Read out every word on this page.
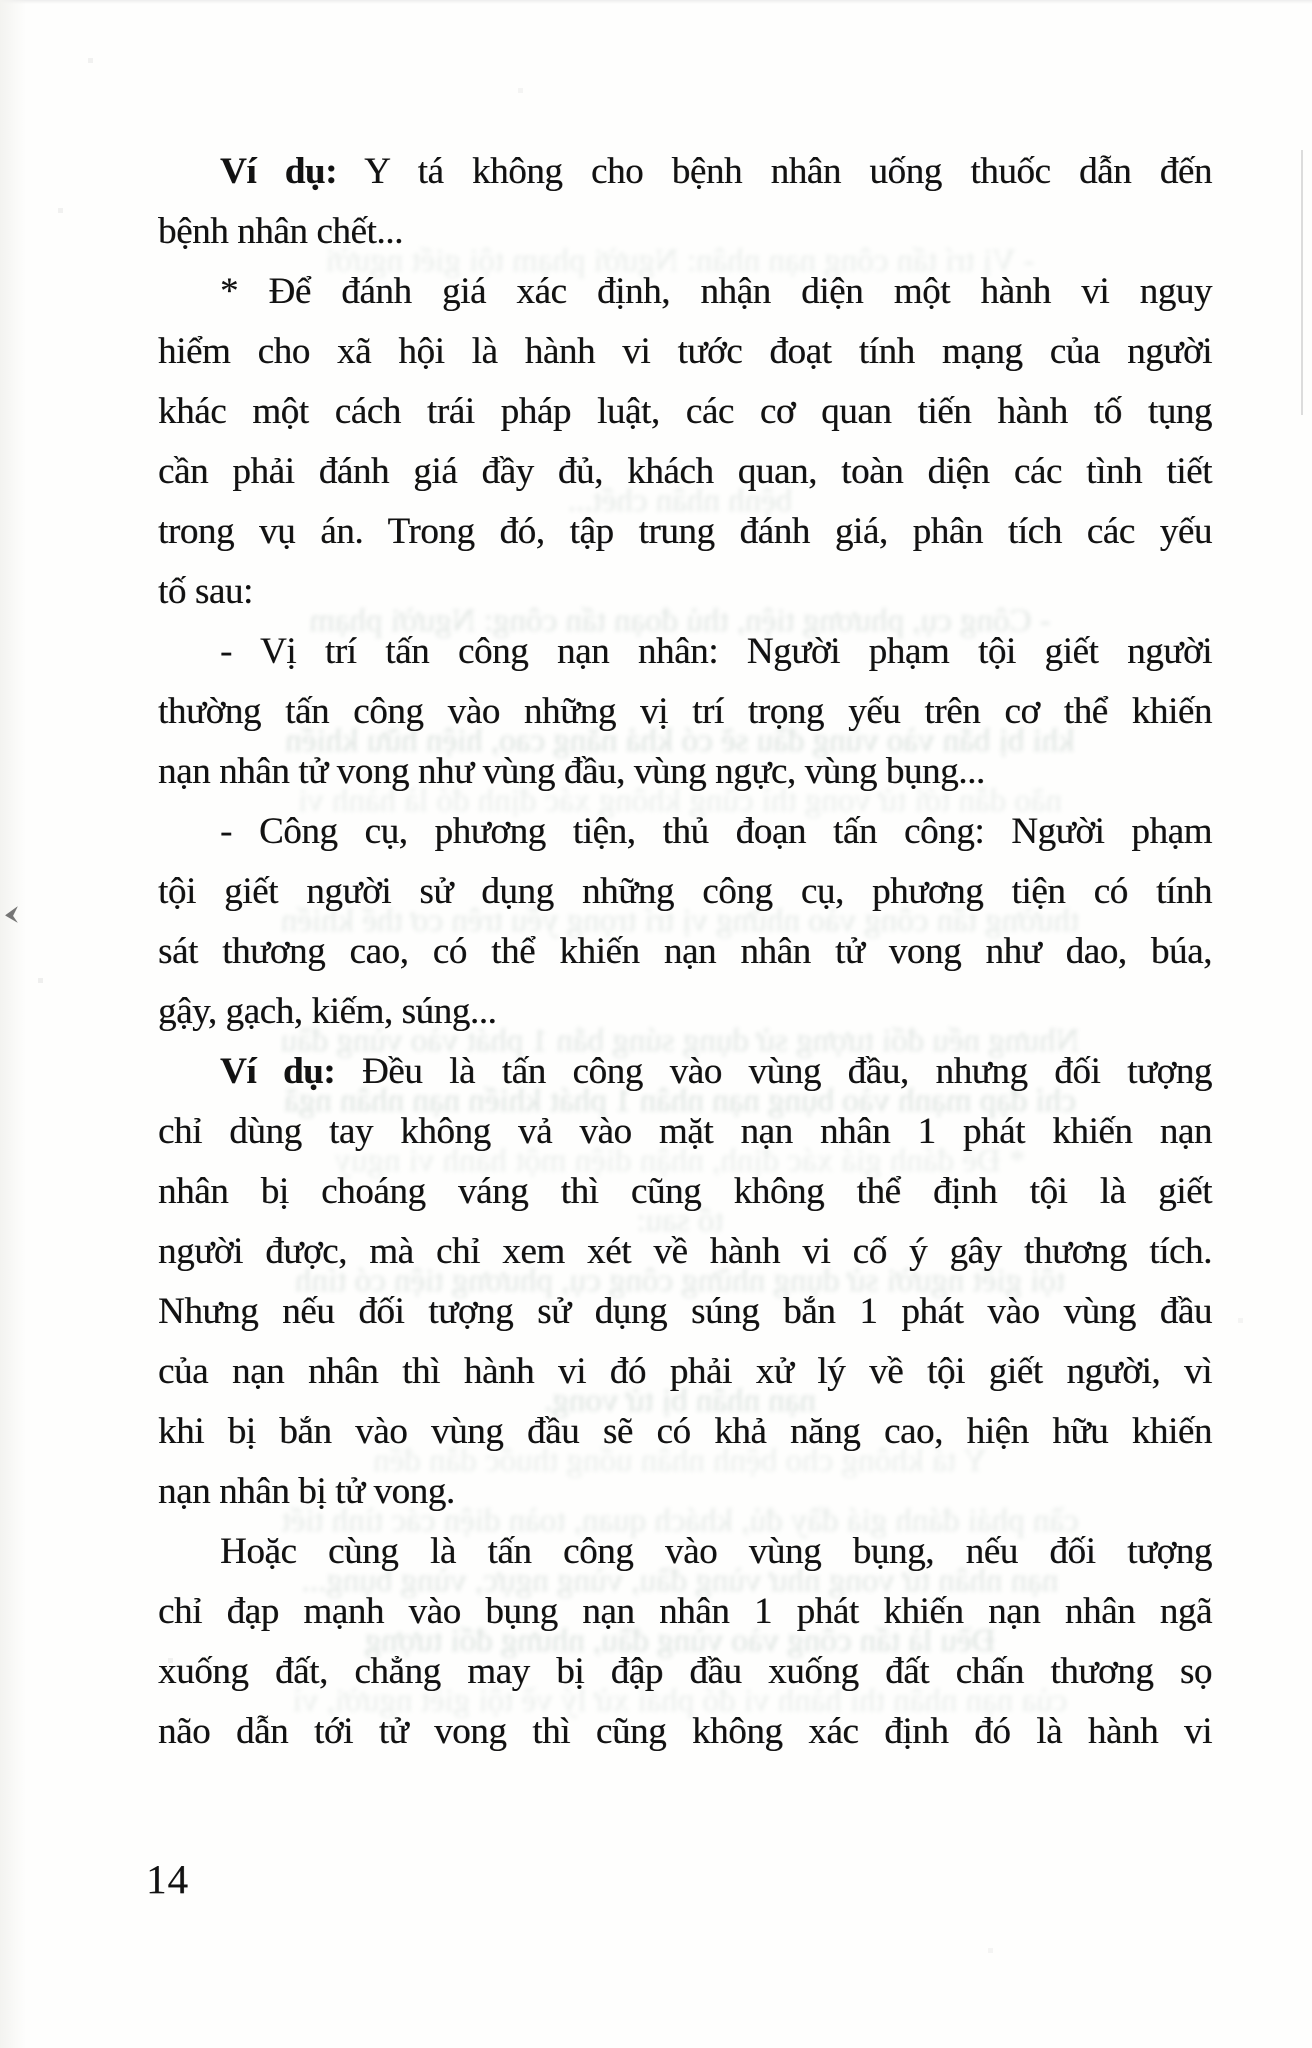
- Vị trí tấn công nạn nhân: Người phạm tội giết người
bệnh nhân chết...
- Công cụ, phương tiện, thủ đoạn tấn công: Người phạm
khi bị bắn vào vùng đầu sẽ có khả năng cao, hiện hữu khiến
não dẫn tới tử vong thì cũng không xác định đó là hành vi
thường tấn công vào những vị trí trọng yếu trên cơ thể khiến
Nhưng nếu đối tượng sử dụng súng bắn 1 phát vào vùng đầu
chỉ đạp mạnh vào bụng nạn nhân 1 phát khiến nạn nhân ngã
* Để đánh giá xác định, nhận diện một hành vi nguy
tố sau:
tội giết người sử dụng những công cụ, phương tiện có tính
nạn nhân bị tử vong.
Y tá không cho bệnh nhân uống thuốc dẫn đến
cần phải đánh giá đầy đủ, khách quan, toàn diện các tình tiết
nạn nhân tử vong như vùng đầu, vùng ngực, vùng bụng...
Đều là tấn công vào vùng đầu, nhưng đối tượng
của nạn nhân thì hành vi đó phải xử lý về tội giết người, vì
Ví dụ: Y tá không cho bệnh nhân uống thuốc dẫn đến
bệnh nhân chết...
* Để đánh giá xác định, nhận diện một hành vi nguy
hiểm cho xã hội là hành vi tước đoạt tính mạng của người
khác một cách trái pháp luật, các cơ quan tiến hành tố tụng
cần phải đánh giá đầy đủ, khách quan, toàn diện các tình tiết
trong vụ án. Trong đó, tập trung đánh giá, phân tích các yếu
tố sau:
- Vị trí tấn công nạn nhân: Người phạm tội giết người
thường tấn công vào những vị trí trọng yếu trên cơ thể khiến
nạn nhân tử vong như vùng đầu, vùng ngực, vùng bụng...
- Công cụ, phương tiện, thủ đoạn tấn công: Người phạm
tội giết người sử dụng những công cụ, phương tiện có tính
sát thương cao, có thể khiến nạn nhân tử vong như dao, búa,
gậy, gạch, kiếm, súng...
Ví dụ: Đều là tấn công vào vùng đầu, nhưng đối tượng
chỉ dùng tay không vả vào mặt nạn nhân 1 phát khiến nạn
nhân bị choáng váng thì cũng không thể định tội là giết
người được, mà chỉ xem xét về hành vi cố ý gây thương tích.
Nhưng nếu đối tượng sử dụng súng bắn 1 phát vào vùng đầu
của nạn nhân thì hành vi đó phải xử lý về tội giết người, vì
khi bị bắn vào vùng đầu sẽ có khả năng cao, hiện hữu khiến
nạn nhân bị tử vong.
Hoặc cùng là tấn công vào vùng bụng, nếu đối tượng
chỉ đạp mạnh vào bụng nạn nhân 1 phát khiến nạn nhân ngã
xuống đất, chẳng may bị đập đầu xuống đất chấn thương sọ
não dẫn tới tử vong thì cũng không xác định đó là hành vi
14
